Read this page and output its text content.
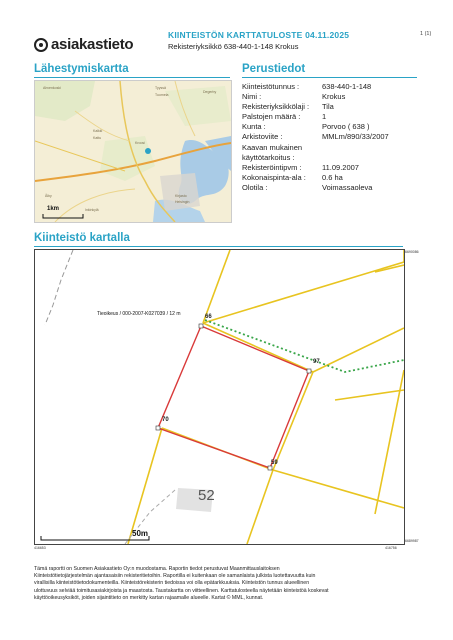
asiakastieto
KIINTEISTÖN KARTTATULOSTE 04.11.2025
Rekisteriyksikkö 638-440-1-148 Krokus
1 (1)
Lähestymiskartta	Perustiedot
Ahvenkoski	Tyyssä
Tuomela
Degerby
Kalkki
Kattu
Kroosi
Ålby
Inkinkylä
Kirjasto
Helsingin
1km
Kiinteistötunnus :	638-440-1-148
Nimi :	Krokus
Rekisteriyksikkölaji :	Tila
Palstojen määrä :	1
Kunta :	Porvoo ( 638 )
Arkistoviite :	MMLm/890/33/2007
Kaavan mukainen
käyttötarkoitus :
Rekisteröintipvm :	11.09.2007
Kokonaispinta-ala :	0.6 ha
Olotila :	Voimassaoleva
Kiinteistö kartalla
Tieoikeus / 000-2007-K027039 / 12 m	66
97
70
59
52
50m
6690086
6689987
416653	416756
Tämä raportti on Suomen Asiakastieto Oy:n muodostama. Raportin tiedot perustuvat Maanmittauslaitoksen
Kiinteistötietojärjestelmän ajantasaisiin rekisteritietoihin. Raportilla ei kuitenkaan ole samanlaista julkista luotettavuutta kuin
virallisilla kiinteistötietodokumenteilla. Kiinteistörekisterin tiedoissa voi olla epätarkkuuksia. Kiinteistön tunnus alueellinen
ulottuvuus selviää toimitusasiakirjoista ja maastosta. Taustakartta on viitteellinen. Karttatulosteella näytetään kiinteistöä koskevat
käyttöoikeusyksiköt, joiden sijaintitieto on merkitty kartan rajaamalle alueelle. Kartat © MML, kunnat.
